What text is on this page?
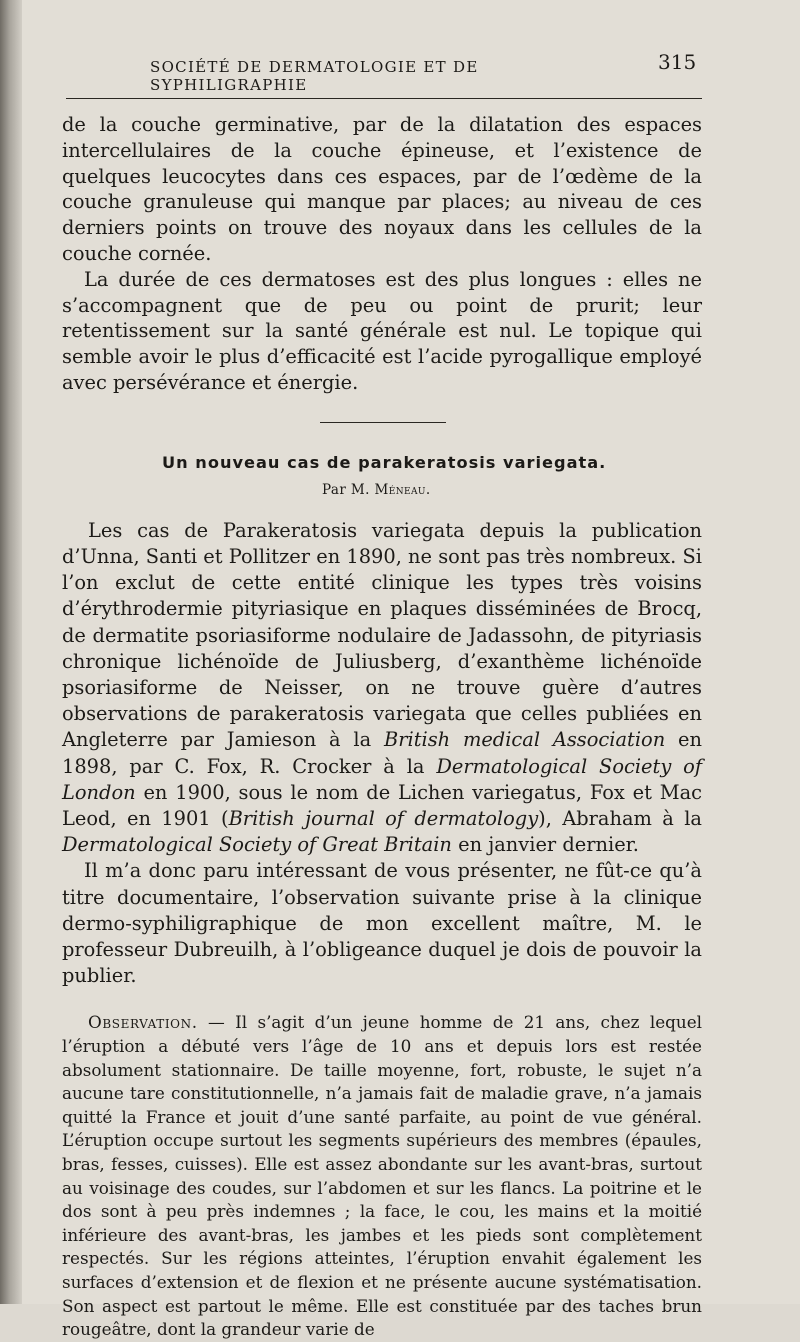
SOCIÉTÉ DE DERMATOLOGIE ET DE SYPHILIGRAPHIE
315

de la couche germinative, par de la dilatation des espaces intercellulaires de la couche épineuse, et l’existence de quelques leucocytes dans ces espaces, par de l’œdème de la couche granuleuse qui manque par places; au niveau de ces derniers points on trouve des noyaux dans les cellules de la couche cornée.

La durée de ces dermatoses est des plus longues : elles ne s’accompagnent que de peu ou point de prurit; leur retentissement sur la santé générale est nul. Le topique qui semble avoir le plus d’efficacité est l’acide pyrogallique employé avec persévérance et énergie.

Un nouveau cas de parakeratosis variegata.
Par M. Méneau.

Les cas de Parakeratosis variegata depuis la publication d’Unna, Santi et Pollitzer en 1890, ne sont pas très nombreux. Si l’on exclut de cette entité clinique les types très voisins d’érythrodermie pityriasique en plaques disséminées de Brocq, de dermatite psoriasiforme nodulaire de Jadassohn, de pityriasis chronique lichénoïde de Juliusberg, d’exanthème lichénoïde psoriasiforme de Neisser, on ne trouve guère d’autres observations de parakeratosis variegata que celles publiées en Angleterre par Jamieson à la British medical Association en 1898, par C. Fox, R. Crocker à la Dermatological Society of London en 1900, sous le nom de Lichen variegatus, Fox et Mac Leod, en 1901 (British journal of dermatology), Abraham à la Dermatological Society of Great Britain en janvier dernier.

Il m’a donc paru intéressant de vous présenter, ne fût-ce qu’à titre documentaire, l’observation suivante prise à la clinique dermo-syphiligraphique de mon excellent maître, M. le professeur Dubreuilh, à l’obligeance duquel je dois de pouvoir la publier.

Observation. — Il s’agit d’un jeune homme de 21 ans, chez lequel l’éruption a débuté vers l’âge de 10 ans et depuis lors est restée absolument stationnaire. De taille moyenne, fort, robuste, le sujet n’a aucune tare constitutionnelle, n’a jamais fait de maladie grave, n’a jamais quitté la France et jouit d’une santé parfaite, au point de vue général. L’éruption occupe surtout les segments supérieurs des membres (épaules, bras, fesses, cuisses). Elle est assez abondante sur les avant-bras, surtout au voisinage des coudes, sur l’abdomen et sur les flancs. La poitrine et le dos sont à peu près indemnes ; la face, le cou, les mains et la moitié inférieure des avant-bras, les jambes et les pieds sont complètement respectés. Sur les régions atteintes, l’éruption envahit également les surfaces d’extension et de flexion et ne présente aucune systématisation. Son aspect est partout le même. Elle est constituée par des taches brun rougeâtre, dont la grandeur varie de
